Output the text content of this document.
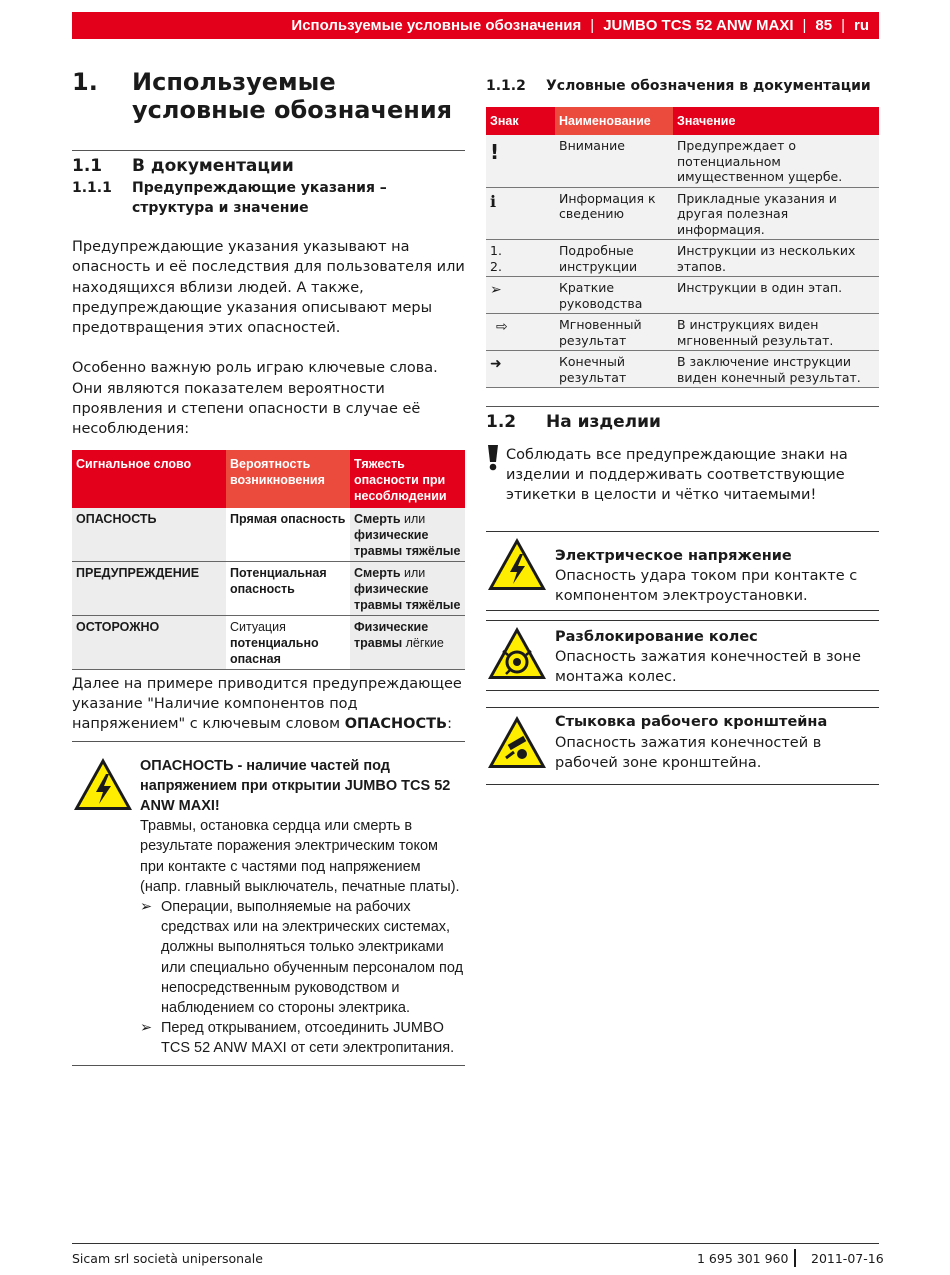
Используемые условные обозначения | JUMBO TCS 52 ANW MAXI | 85 | ru
1.	Используемые условные обозначения
1.1	В документации
1.1.1	Предупреждающие указания – структура и значение

Предупреждающие указания указывают на опасность и её последствия для пользователя или находящихся вблизи людей. А также, предупреждающие указания описывают меры предотвращения этих опасностей.

Особенно важную роль играю ключевые слова. Они являются показателем вероятности проявления и степени опасности в случае её несоблюдения:

Сигнальное слово	Вероятность возникновения	Тяжесть опасности при несоблюдении
ОПАСНОСТЬ	Прямая опасность	Смерть или физические травмы тяжёлые
ПРЕДУПРЕЖДЕНИЕ	Потенциальная опасность	Смерть или физические травмы тяжёлые
ОСТОРОЖНО	Ситуация потенциально опасная	Физические травмы лёгкие

Далее на примере приводится предупреждающее указание "Наличие компонентов под напряжением" с ключевым словом ОПАСНОСТЬ:

ОПАСНОСТЬ - наличие частей под напряжением при открытии JUMBO TCS 52 ANW MAXI!
Травмы, остановка сердца или смерть в результате поражения электрическим током при контакте с частями под напряжением (напр. главный выключатель, печатные платы).
➢ Операции, выполняемые на рабочих средствах или на электрических системах, должны выполняться только электриками или специально обученным персоналом под непосредственным руководством и наблюдением со стороны электрика.
➢ Перед открыванием, отсоединить JUMBO TCS 52 ANW MAXI от сети электропитания.
1.1.2	Условные обозначения в документации
Знак	Наименование	Значение
!	Внимание	Предупреждает о потенциальном имущественном ущербе.
ℹ	Информация к сведению	Прикладные указания и другая полезная информация.
1.
2.	Подробные инструкции	Инструкции из нескольких этапов.
➢	Краткие руководства	Инструкции в один этап.
⇨	Мгновенный результат	В инструкциях виден мгновенный результат.
➜	Конечный результат	В заключение инструкции виден конечный результат.
1.2	На изделии
Соблюдать все предупреждающие знаки на изделии и поддерживать соответствующие этикетки в целости и чётко читаемыми!
Электрическое напряжение
Опасность удара током при контакте с компонентом электроустановки.
Разблокирование колес
Опасность зажатия конечностей в зоне монтажа колес.
Стыковка рабочего кронштейна
Опасность зажатия конечностей в рабочей зоне кронштейна.
Sicam srl società unipersonale	1 695 301 960 2011-07-16
